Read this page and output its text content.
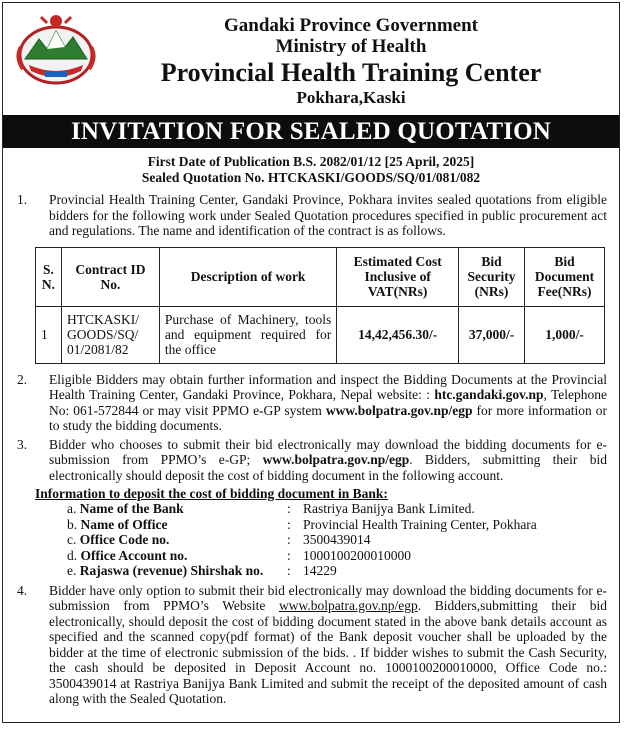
Gandaki Province Government
Ministry of Health
Provincial Health Training Center
Pokhara,Kaski
INVITATION FOR SEALED QUOTATION
First Date of Publication B.S. 2082/01/12 [25 April, 2025]
Sealed Quotation No. HTCKASKI/GOODS/SQ/01/081/082
1. Provincial Health Training Center, Gandaki Province, Pokhara invites sealed quotations from eligible bidders for the following work under Sealed Quotation procedures specified in public procurement act and regulations. The name and identification of the contract is as follows.
S. N.	Contract ID No.	Description of work	Estimated Cost Inclusive of VAT(NRs)	Bid Security (NRs)	Bid Document Fee(NRs)
1	HTCKASKI/ GOODS/SQ/ 01/2081/82	Purchase of Machinery, tools and equipment required for the office	14,42,456.30/-	37,000/-	1,000/-
2. Eligible Bidders may obtain further information and inspect the Bidding Documents at the Provincial Health Training Center, Gandaki Province, Pokhara, Nepal website: : htc.gandaki.gov.np, Telephone No: 061-572844 or may visit PPMO e-GP system www.bolpatra.gov.np/egp for more information or to study the bidding documents.
3. Bidder who chooses to submit their bid electronically may download the bidding documents for e-submission from PPMO’s e-GP; www.bolpatra.gov.np/egp. Bidders, submitting their bid electronically should deposit the cost of bidding document in the following account.
Information to deposit the cost of bidding document in Bank:
a. Name of the Bank	: Rastriya Banijya Bank Limited.
b. Name of Office	: Provincial Health Training Center, Pokhara
c. Office Code no.	: 3500439014
d. Office Account no.	: 1000100200010000
e. Rajaswa (revenue) Shirshak no.	: 14229
4. Bidder have only option to submit their bid electronically may download the bidding documents for e-submission from PPMO’s Website www.bolpatra.gov.np/egp. Bidders,submitting their bid electronically, should deposit the cost of bidding document stated in the above bank details account as specified and the scanned copy(pdf format) of the Bank deposit voucher shall be uploaded by the bidder at the time of electronic submission of the bids. . If bidder wishes to submit the Cash Security, the cash should be deposited in Deposit Account no. 1000100200010000, Office Code no.: 3500439014 at Rastriya Banijya Bank Limited and submit the receipt of the deposited amount of cash along with the Sealed Quotation.
